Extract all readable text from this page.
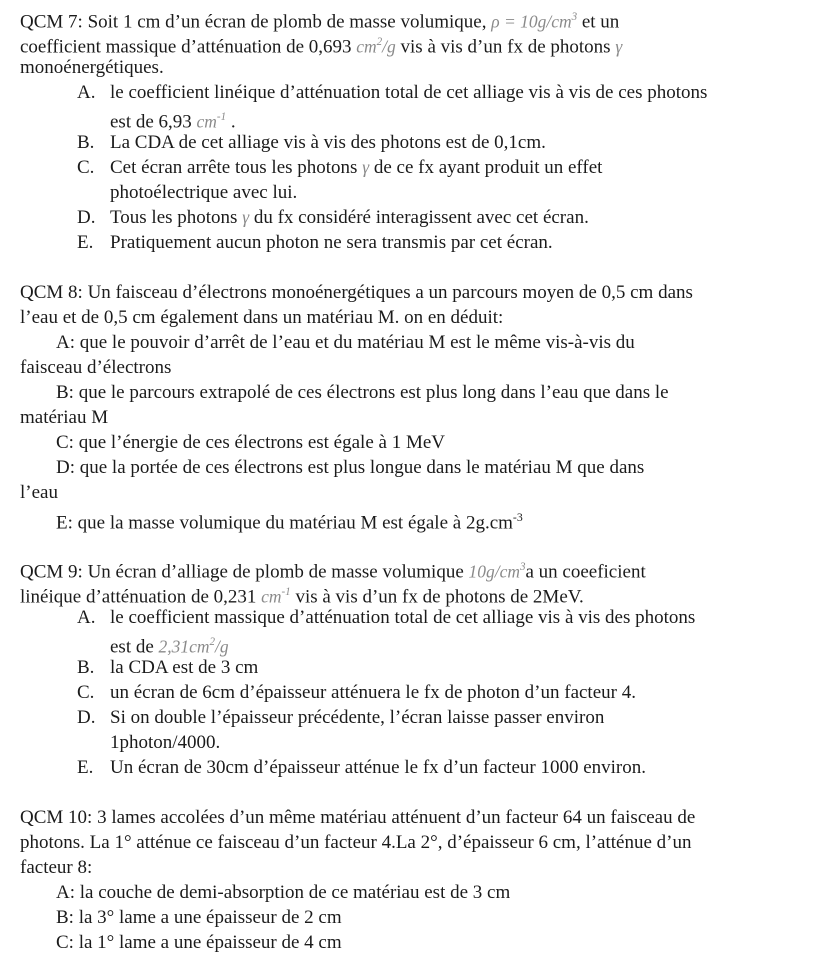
QCM 7: Soit 1 cm d’un écran de plomb de masse volumique, $\rho = 10g/cm^3$ et un
coefficient massique d’atténuation de 0,693 $cm^2/g$ vis à vis d’un fx de photons γ
monoénergétiques.
A. le coefficient linéique d’atténuation total de cet alliage vis à vis de ces photons
est de 6,93 $cm^{-1}$ .
B. La CDA de cet alliage vis à vis des photons est de 0,1cm.
C. Cet écran arrête tous les photons γ de ce fx ayant produit un effet
photoélectrique avec lui.
D. Tous les photons γ du fx considéré interagissent avec cet écran.
E. Pratiquement aucun photon ne sera transmis par cet écran.
QCM 8: Un faisceau d’électrons monoénergétiques a un parcours moyen de 0,5 cm dans
l’eau et de 0,5 cm également dans un matériau M. on en déduit:
A: que le pouvoir d’arrêt de l’eau et du matériau M est le même vis-à-vis du
faisceau d’électrons
B: que le parcours extrapolé de ces électrons est plus long dans l’eau que dans le
matériau M
C: que l’énergie de ces électrons est égale à 1 MeV
D: que la portée de ces électrons est plus longue dans le matériau M que dans
l’eau
E: que la masse volumique du matériau M est égale à $2g.cm^{-3}$
QCM 9: Un écran d’alliage de plomb de masse volumique $10g/cm^3a$ un coeeficient
linéique d’atténuation de 0,231 $cm^{-1}$ vis à vis d’un fx de photons de 2MeV.
A. le coefficient massique d’atténuation total de cet alliage vis à vis des photons
est de $2,31cm^2/g$
B. la CDA est de 3 cm
C. un écran de 6cm d’épaisseur atténuera le fx de photon d’un facteur 4.
D. Si on double l’épaisseur précédente, l’écran laisse passer environ
1photon/4000.
E. Un écran de 30cm d’épaisseur atténue le fx d’un facteur 1000 environ.
QCM 10: 3 lames accolées d’un même matériau atténuent d’un facteur 64 un faisceau de
photons. La 1° atténue ce faisceau d’un facteur 4.La 2°, d’épaisseur 6 cm, l’atténue d’un
facteur 8:
A: la couche de demi-absorption de ce matériau est de 3 cm
B: la 3° lame a une épaisseur de 2 cm
C: la 1° lame a une épaisseur de 4 cm
